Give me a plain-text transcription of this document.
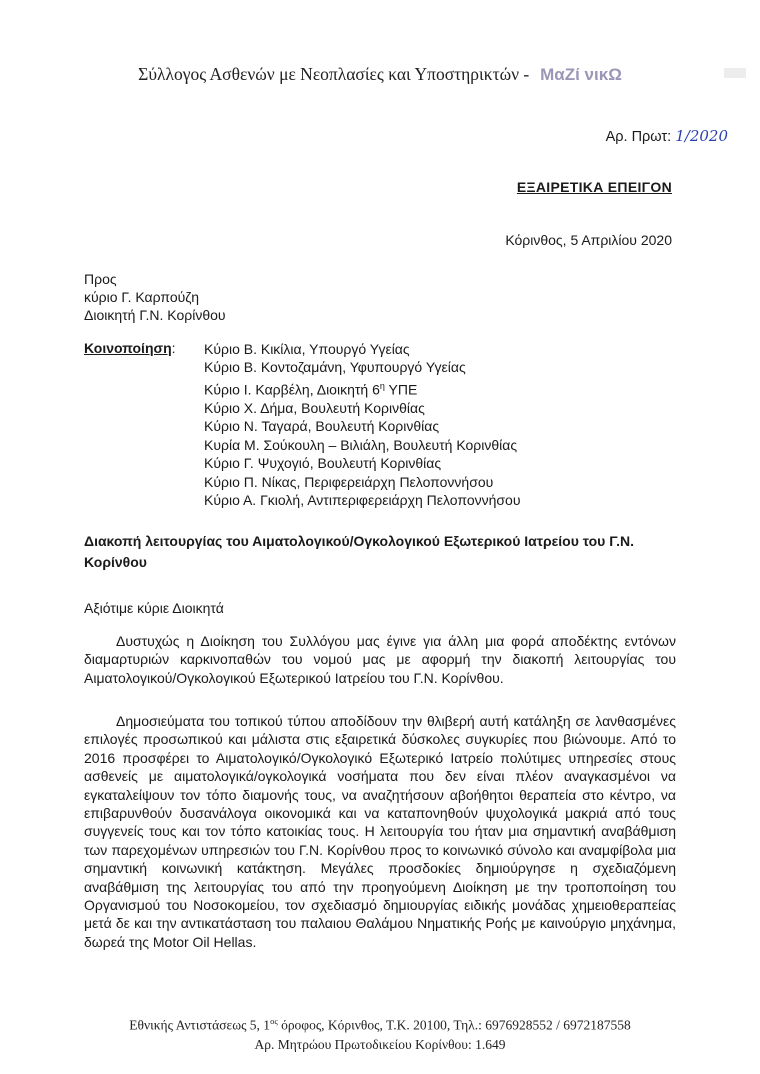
Σύλλογος Ασθενών με Νεοπλασίες και Υποστηρικτών - ΜαΖί νικΩ
Αρ. Πρωτ: 1/2020
ΕΞΑΙΡΕΤΙΚΑ ΕΠΕΙΓΟΝ
Κόρινθος, 5 Απριλίου 2020
Προς
κύριο Γ. Καρπούζη
Διοικητή Γ.Ν. Κορίνθου
Κοινοποίηση: Κύριο Β. Κικίλια, Υπουργό Υγείας
Κύριο Β. Κοντοζαμάνη, Υφυπουργό Υγείας
Κύριο Ι. Καρβέλη, Διοικητή $6^\eta$ ΥΠΕ
Κύριο Χ. Δήμα, Βουλευτή Κορινθίας
Κύριο Ν. Ταγαρά, Βουλευτή Κορινθίας
Κυρία Μ. Σούκουλη – Βιλιάλη, Βουλευτή Κορινθίας
Κύριο Γ. Ψυχογιό, Βουλευτή Κορινθίας
Κύριο Π. Νίκας, Περιφερειάρχη Πελοποννήσου
Κύριο Α. Γκιολή, Αντιπεριφερειάρχη Πελοποννήσου
Διακοπή λειτουργίας του Αιματολογικού/Ογκολογικού Εξωτερικού Ιατρείου του Γ.Ν. Κορίνθου
Αξιότιμε κύριε Διοικητά
Δυστυχώς η Διοίκηση του Συλλόγου μας έγινε για άλλη μια φορά αποδέκτης εντόνων διαμαρτυριών καρκινοπαθών του νομού μας με αφορμή την διακοπή λειτουργίας του Αιματολογικού/Ογκολογικού Εξωτερικού Ιατρείου του Γ.Ν. Κορίνθου.
Δημοσιεύματα του τοπικού τύπου αποδίδουν την θλιβερή αυτή κατάληξη σε λανθασμένες επιλογές προσωπικού και μάλιστα στις εξαιρετικά δύσκολες συγκυρίες που βιώνουμε. Από το 2016 προσφέρει το Αιματολογικό/Ογκολογικό Εξωτερικό Ιατρείο πολύτιμες υπηρεσίες στους ασθενείς με αιματολογικά/ογκολογικά νοσήματα που δεν είναι πλέον αναγκασμένοι να εγκαταλείψουν τον τόπο διαμονής τους, να αναζητήσουν αβοήθητοι θεραπεία στο κέντρο, να επιβαρυνθούν δυσανάλογα οικονομικά και να καταπονηθούν ψυχολογικά μακριά από τους συγγενείς τους και τον τόπο κατοικίας τους. Η λειτουργία του ήταν μια σημαντική αναβάθμιση των παρεχομένων υπηρεσιών του Γ.Ν. Κορίνθου προς το κοινωνικό σύνολο και αναμφίβολα μια σημαντική κοινωνική κατάκτηση. Μεγάλες προσδοκίες δημιούργησε η σχεδιαζόμενη αναβάθμιση της λειτουργίας του από την προηγούμενη Διοίκηση με την τροποποίηση του Οργανισμού του Νοσοκομείου, τον σχεδιασμό δημιουργίας ειδικής μονάδας χημειοθεραπείας μετά δε και την αντικατάσταση του παλαιου Θαλάμου Νηματικής Ροής με καινούργιο μηχάνημα, δωρεά της Motor Oil Hellas.
Εθνικής Αντιστάσεως 5, $1^{o\varsigma}$ όροφος, Κόρινθος, Τ.Κ. 20100, Τηλ.: 6976928552 / 6972187558
Αρ. Μητρώου Πρωτοδικείου Κορίνθου: 1.649
